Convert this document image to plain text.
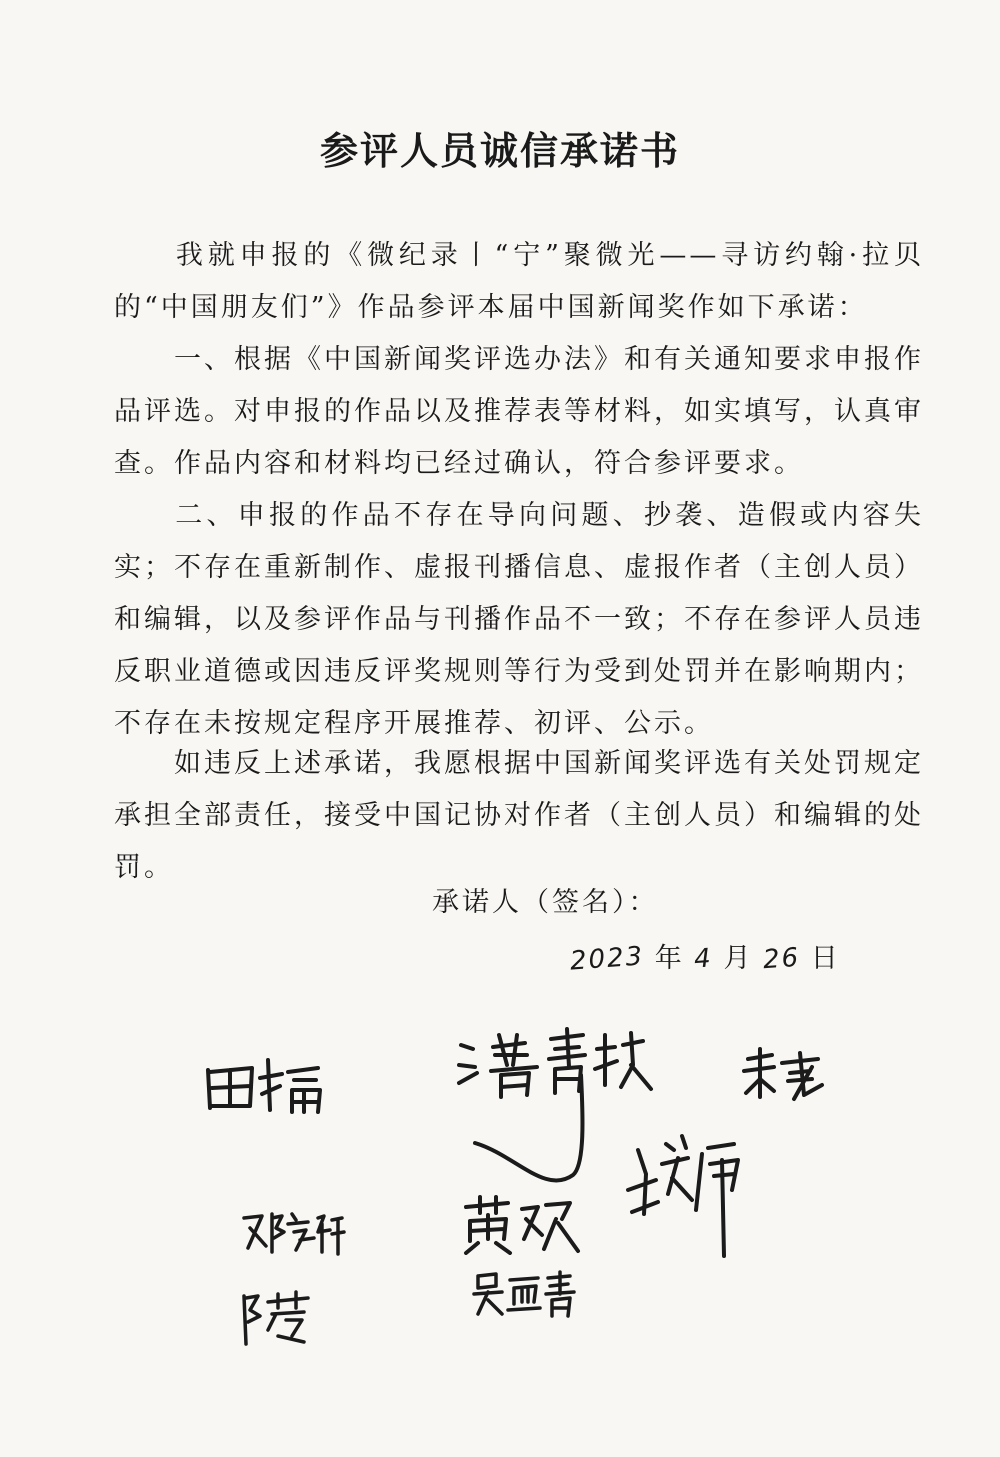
参评人员诚信承诺书

我就申报的《微纪录丨“宁”聚微光——寻访约翰·拉贝的“中国朋友们”》作品参评本届中国新闻奖作如下承诺：

一、根据《中国新闻奖评选办法》和有关通知要求申报作品评选。对申报的作品以及推荐表等材料，如实填写，认真审查。作品内容和材料均已经过确认，符合参评要求。

二、申报的作品不存在导向问题、抄袭、造假或内容失实；不存在重新制作、虚报刊播信息、虚报作者（主创人员）和编辑，以及参评作品与刊播作品不一致；不存在参评人员违反职业道德或因违反评奖规则等行为受到处罚并在影响期内；不存在未按规定程序开展推荐、初评、公示。

如违反上述承诺，我愿根据中国新闻奖评选有关处罚规定承担全部责任，接受中国记协对作者（主创人员）和编辑的处罚。

承诺人（签名）：
2023 年 4 月 26 日
